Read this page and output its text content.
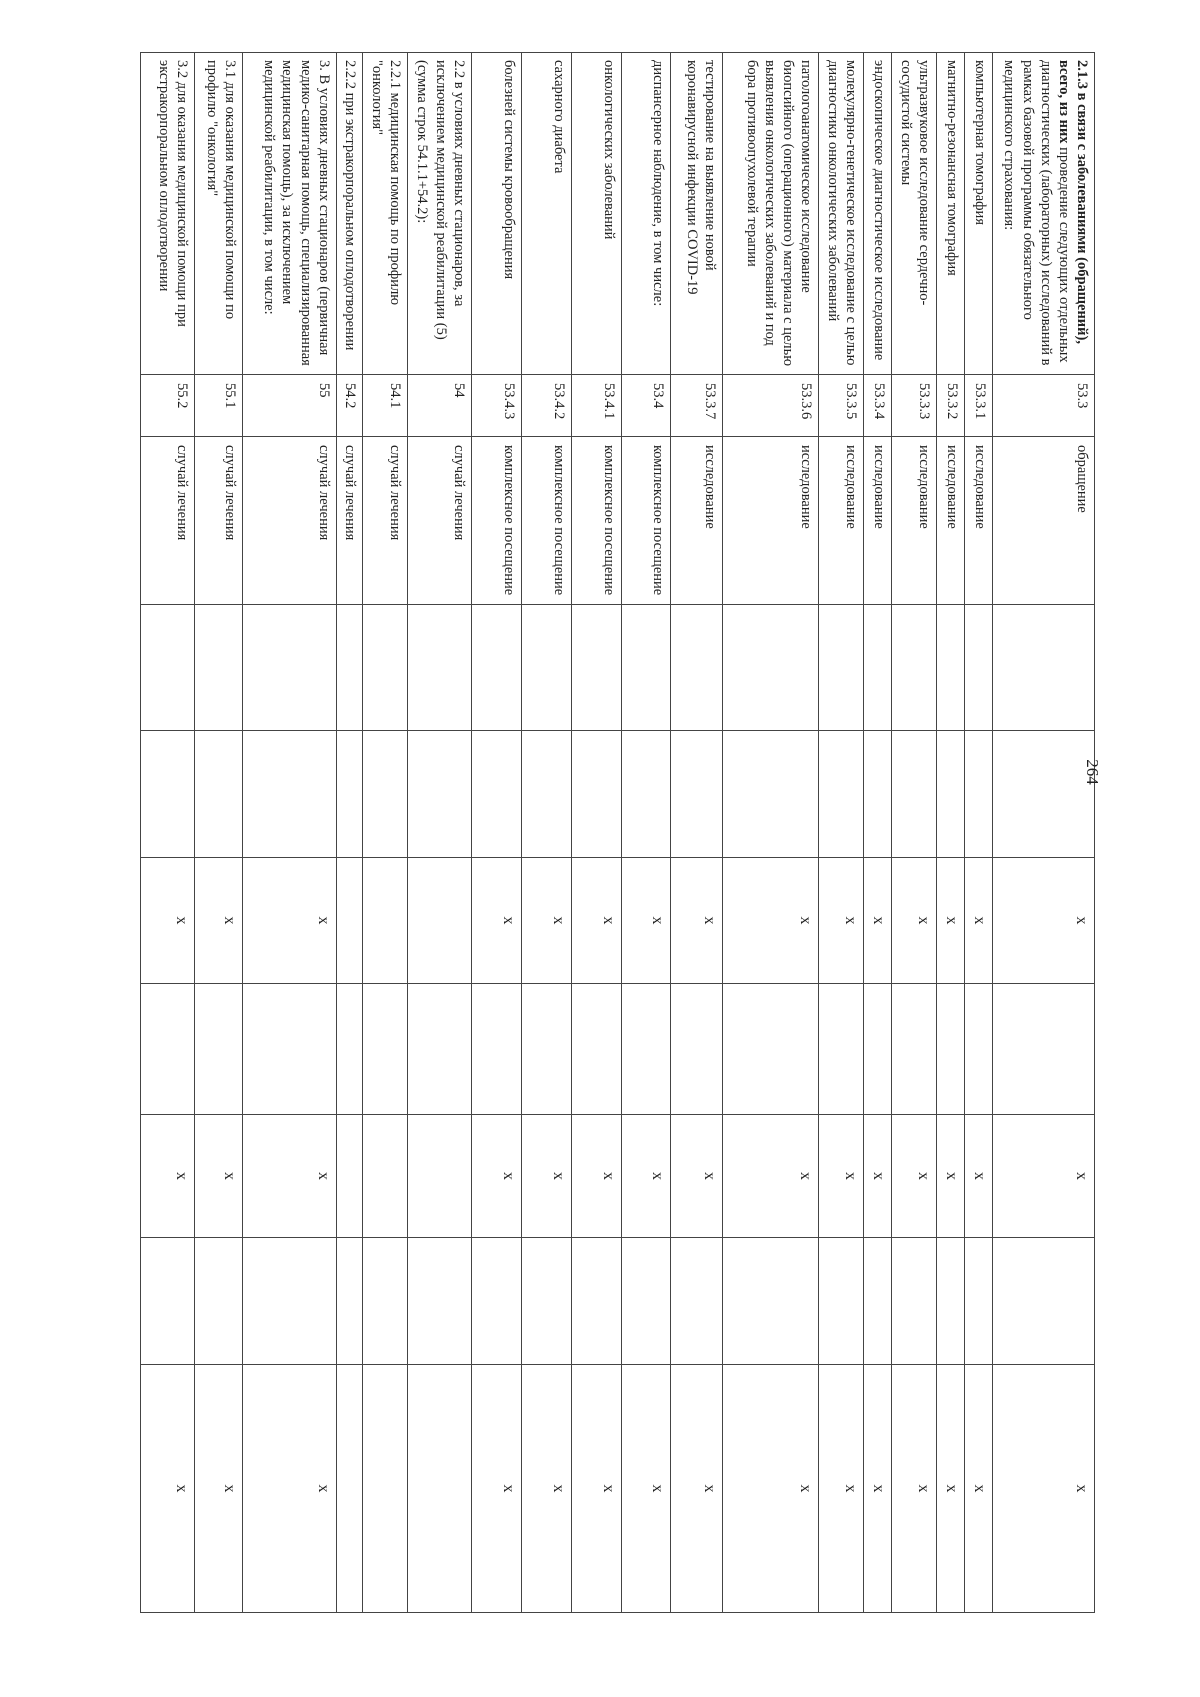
2.1.3 в связи с заболеваниями (обращений), всего, из них проведение следующих отдельных диагностических (лабораторных) исследований в рамках базовой программы обязательного медицинского страхования:	53.3	обращение			х		х		х
компьютерная томография	53.3.1	исследование			х		х		х
магнитно-резонансная томография	53.3.2	исследование			х		х		х
ультразвуковое исследование сердечно-сосудистой системы	53.3.3	исследование			х		х		х
эндоскопическое диагностическое исследование	53.3.4	исследование			х		х		х
молекулярно-генетическое исследование с целью диагностики онкологических заболеваний	53.3.5	исследование			х		х		х
патологоанатомическое исследование биопсийного (операционного) материала с целью выявления онкологических заболеваний и под бора противоопухолевой терапии	53.3.6	исследование			х		х		х
тестирование на выявление новой коронавирусной инфекции COVID-19	53.3.7	исследование			х		х		х
диспансерное наблюдение, в том числе:	53.4	комплексное посещение			х		х		х
онкологических заболеваний	53.4.1	комплексное посещение			х		х		х
сахарного диабета	53.4.2	комплексное посещение			х		х		х
болезней системы кровообращения	53.4.3	комплексное посещение			х		х		х
2.2 в условиях дневных стационаров, за исключением медицинской реабилитации (5) (сумма строк 54.1.1+54.2):	54	случай лечения							
2.2.1 медицинская помощь по профилю "онкология"	54.1	случай лечения							
2.2.2 при экстракорпоральном оплодотворении	54.2	случай лечения							
3. В условиях дневных стационаров (первичная медико-санитарная помощь, специализированная медицинская помощь), за исключением медицинской реабилитации, в том числе:	55	случай лечения			х		х		х
3.1 для оказания медицинской помощи по профилю "онкология"	55.1	случай лечения			х		х		х
3.2 для оказания медицинской помощи при экстракорпоральном оплодотворении	55.2	случай лечения			х		х		х
264
